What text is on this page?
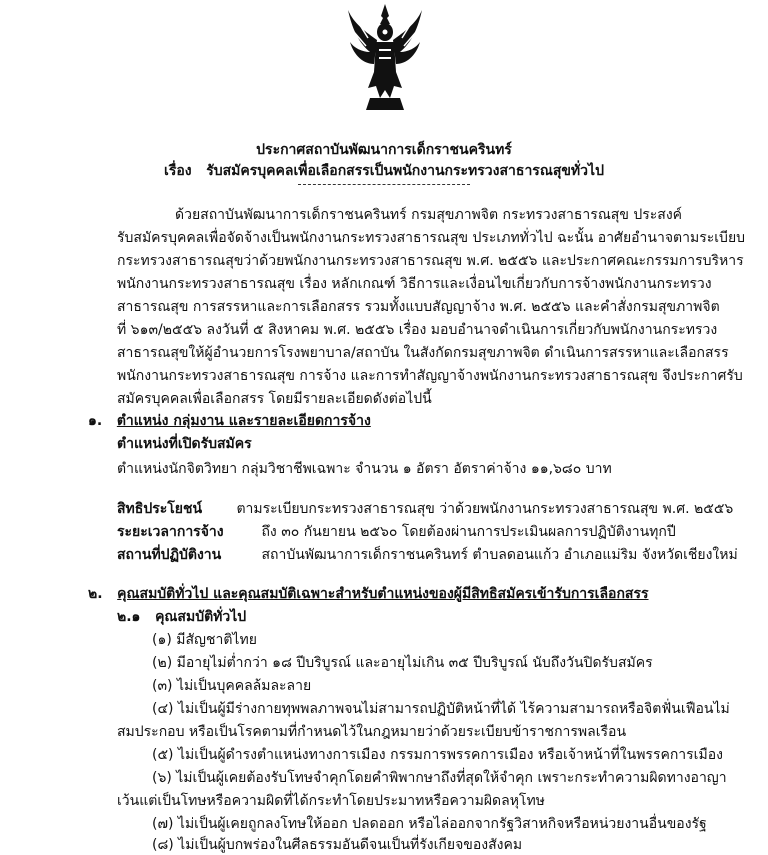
ประกาศสถาบันพัฒนาการเด็กราชนครินทร์
เรื่อง รับสมัครบุคคลเพื่อเลือกสรรเป็นพนักงานกระทรวงสาธารณสุขทั่วไป
ด้วยสถาบันพัฒนาการเด็กราชนครินทร์ กรมสุขภาพจิต กระทรวงสาธารณสุข ประสงค์
รับสมัครบุคคลเพื่อจัดจ้างเป็นพนักงานกระทรวงสาธารณสุข ประเภททั่วไป ฉะนั้น อาศัยอำนาจตามระเบียบ
กระทรวงสาธารณสุขว่าด้วยพนักงานกระทรวงสาธารณสุข พ.ศ. ๒๕๕๖ และประกาศคณะกรรมการบริหาร
พนักงานกระทรวงสาธารณสุข เรื่อง หลักเกณฑ์ วิธีการและเงื่อนไขเกี่ยวกับการจ้างพนักงานกระทรวง
สาธารณสุข การสรรหาและการเลือกสรร รวมทั้งแบบสัญญาจ้าง พ.ศ. ๒๕๕๖ และคำสั่งกรมสุขภาพจิต
ที่ ๖๑๓/๒๕๕๖ ลงวันที่ ๕ สิงหาคม พ.ศ. ๒๕๕๖ เรื่อง มอบอำนาจดำเนินการเกี่ยวกับพนักงานกระทรวง
สาธารณสุขให้ผู้อำนวยการโรงพยาบาล/สถาบัน ในสังกัดกรมสุขภาพจิต ดำเนินการสรรหาและเลือกสรร
พนักงานกระทรวงสาธารณสุข การจ้าง และการทำสัญญาจ้างพนักงานกระทรวงสาธารณสุข จึงประกาศรับ
สมัครบุคคลเพื่อเลือกสรร โดยมีรายละเอียดดังต่อไปนี้
๑. ตำแหน่ง กลุ่มงาน และรายละเอียดการจ้าง
ตำแหน่งที่เปิดรับสมัคร
ตำแหน่งนักจิตวิทยา กลุ่มวิชาชีพเฉพาะ จำนวน ๑ อัตรา อัตราค่าจ้าง ๑๑,๖๘๐ บาท
สิทธิประโยชน์ ตามระเบียบกระทรวงสาธารณสุข ว่าด้วยพนักงานกระทรวงสาธารณสุข พ.ศ. ๒๕๕๖
ระยะเวลาการจ้าง	ถึง ๓๐ กันยายน ๒๕๖๐ โดยต้องผ่านการประเมินผลการปฏิบัติงานทุกปี
สถานที่ปฏิบัติงาน	สถาบันพัฒนาการเด็กราชนครินทร์ ตำบลดอนแก้ว อำเภอแม่ริม จังหวัดเชียงใหม่
๒. คุณสมบัติทั่วไป และคุณสมบัติเฉพาะสำหรับตำแหน่งของผู้มีสิทธิสมัครเข้ารับการเลือกสรร
๒.๑ คุณสมบัติทั่วไป
(๑) มีสัญชาติไทย
(๒) มีอายุไม่ต่ำกว่า ๑๘ ปีบริบูรณ์ และอายุไม่เกิน ๓๕ ปีบริบูรณ์ นับถึงวันปิดรับสมัคร
(๓) ไม่เป็นบุคคลล้มละลาย
(๔) ไม่เป็นผู้มีร่างกายทุพพลภาพจนไม่สามารถปฏิบัติหน้าที่ได้ ไร้ความสามารถหรือจิตฟั่นเฟือนไม่
สมประกอบ หรือเป็นโรคตามที่กำหนดไว้ในกฎหมายว่าด้วยระเบียบข้าราชการพลเรือน
(๕) ไม่เป็นผู้ดำรงตำแหน่งทางการเมือง กรรมการพรรคการเมือง หรือเจ้าหน้าที่ในพรรคการเมือง
(๖) ไม่เป็นผู้เคยต้องรับโทษจำคุกโดยคำพิพากษาถึงที่สุดให้จำคุก เพราะกระทำความผิดทางอาญา
เว้นแต่เป็นโทษหรือความผิดที่ได้กระทำโดยประมาทหรือความผิดลหุโทษ
(๗) ไม่เป็นผู้เคยถูกลงโทษให้ออก ปลดออก หรือไล่ออกจากรัฐวิสาหกิจหรือหน่วยงานอื่นของรัฐ
(๘) ไม่เป็นผู้บกพร่องในศีลธรรมอันดีจนเป็นที่รังเกียจของสังคม
